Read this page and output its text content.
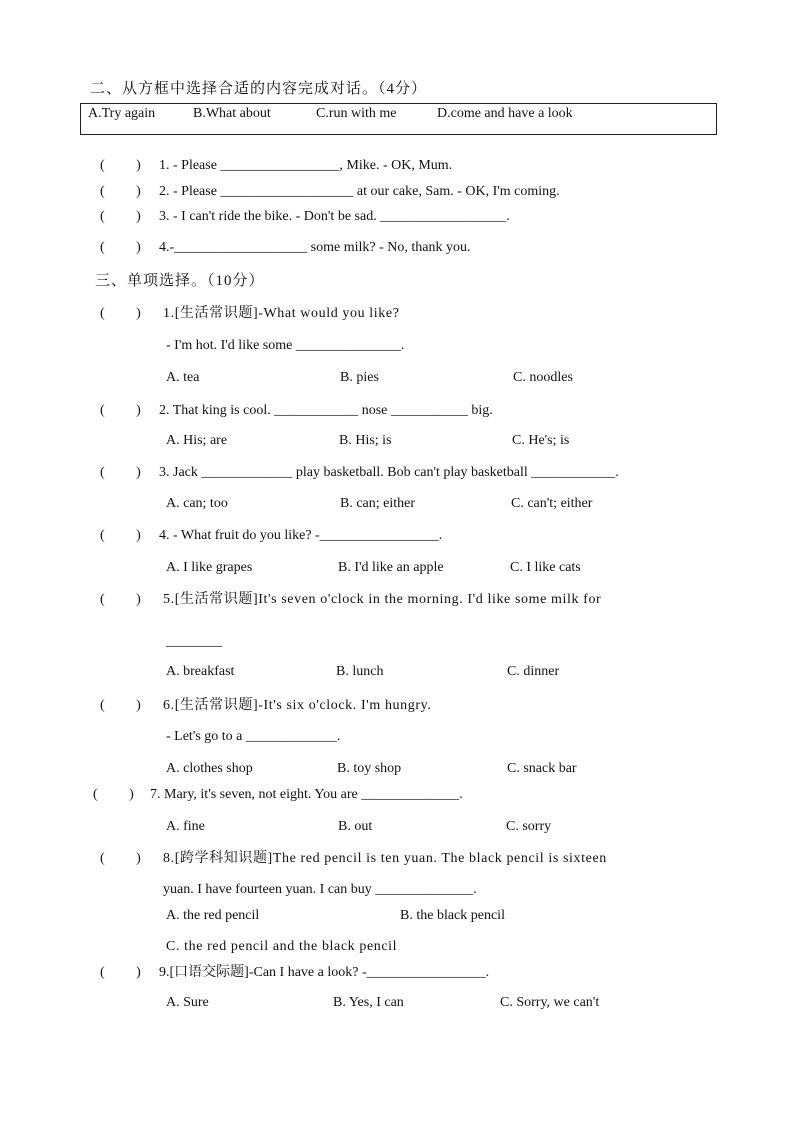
二、从方框中选择合适的内容完成对话。（4分）
A.Try again	B.What about	C.run with me	D.come and have a look
(         ) 1. - Please _________________, Mike. - OK, Mum.
(         ) 2. - Please ___________________ at our cake, Sam. - OK, I'm coming.
(         ) 3. - I can't ride the bike. - Don't be sad. __________________.
(         ) 4.-___________________ some milk? - No, thank you.
三、单项选择。（10分）
(         ) 1.[生活常识题]-What would you like?
- I'm hot. I'd like some _______________.
A. tea	B. pies	C. noodles
(         ) 2. That king is cool. ____________ nose ___________ big.
A. His; are	B. His; is	C. He's; is
(         ) 3. Jack _____________ play basketball. Bob can't play basketball ____________.
A. can; too	B. can; either	C. can't; either
(         ) 4. - What fruit do you like? -_________________.
A. I like grapes	B. I'd like an apple	C. I like cats
(         ) 5.[生活常识题]It's seven o'clock in the morning. I'd like some milk for
________
A. breakfast	B. lunch	C. dinner
(         ) 6.[生活常识题]-It's six o'clock. I'm hungry.
- Let's go to a _____________.
A. clothes shop	B. toy shop	C. snack bar
(         ) 7. Mary, it's seven, not eight. You are ______________.
A. fine	B. out	C. sorry
(         ) 8.[跨学科知识题]The red pencil is ten yuan. The black pencil is sixteen
yuan. I have fourteen yuan. I can buy ______________.
A. the red pencil	B. the black pencil
C. the red pencil and the black pencil
(         ) 9.[口语交际题]-Can I have a look? -_________________.
A. Sure	B. Yes, I can	C. Sorry, we can't
